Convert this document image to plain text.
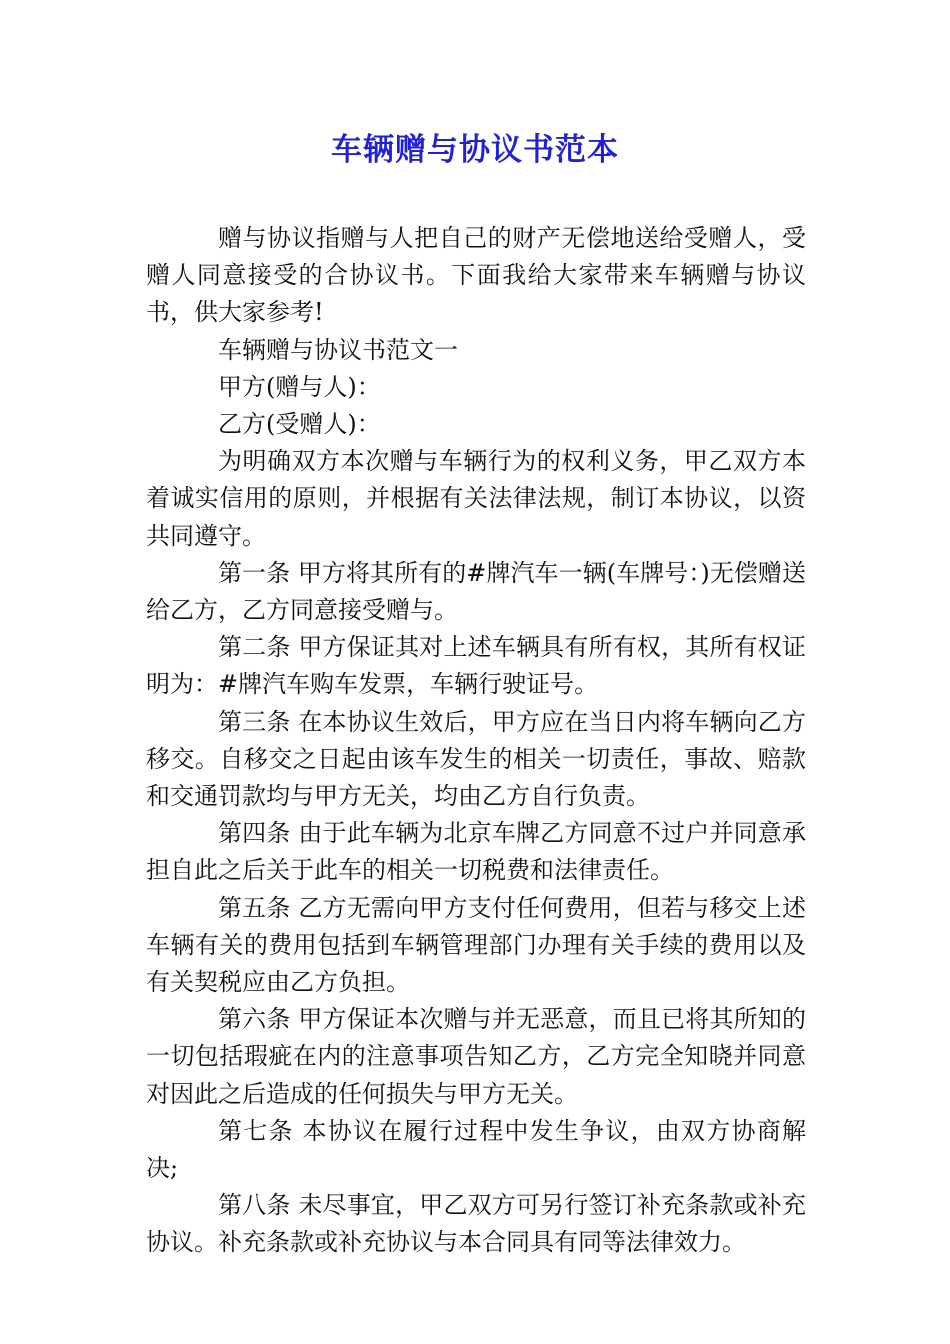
车辆赠与协议书范本

赠与协议指赠与人把自己的财产无偿地送给受赠人，受赠人同意接受的合协议书。下面我给大家带来车辆赠与协议书，供大家参考!

车辆赠与协议书范文一

甲方(赠与人)：

乙方(受赠人)：

为明确双方本次赠与车辆行为的权利义务，甲乙双方本着诚实信用的原则，并根据有关法律法规，制订本协议，以资共同遵守。

第一条 甲方将其所有的#牌汽车一辆(车牌号：)无偿赠送给乙方，乙方同意接受赠与。

第二条 甲方保证其对上述车辆具有所有权，其所有权证明为：#牌汽车购车发票，车辆行驶证号。

第三条 在本协议生效后，甲方应在当日内将车辆向乙方移交。自移交之日起由该车发生的相关一切责任，事故、赔款和交通罚款均与甲方无关，均由乙方自行负责。

第四条 由于此车辆为北京车牌乙方同意不过户并同意承担自此之后关于此车的相关一切税费和法律责任。

第五条 乙方无需向甲方支付任何费用，但若与移交上述车辆有关的费用包括到车辆管理部门办理有关手续的费用以及有关契税应由乙方负担。

第六条 甲方保证本次赠与并无恶意，而且已将其所知的一切包括瑕疵在内的注意事项告知乙方，乙方完全知晓并同意对因此之后造成的任何损失与甲方无关。

第七条 本协议在履行过程中发生争议，由双方协商解决;

第八条 未尽事宜，甲乙双方可另行签订补充条款或补充协议。补充条款或补充协议与本合同具有同等法律效力。
